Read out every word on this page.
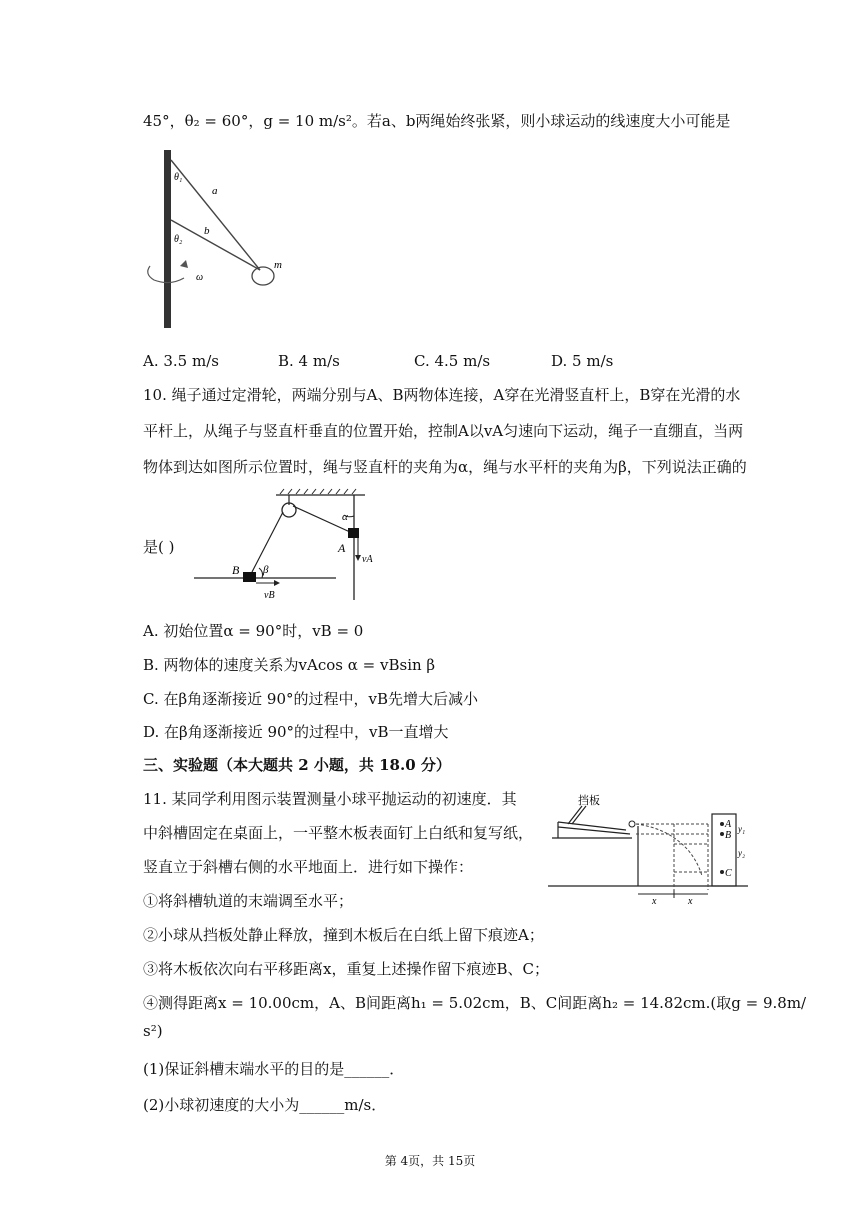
45°，θ₂ = 60°，g = 10 m/s²。若a、b两绳始终张紧，则小球运动的线速度大小可能是
θ₁
a
θ₂
b
m
ω
A. 3.5 m/s	B. 4 m/s	C. 4.5 m/s	D. 5 m/s
10. 绳子通过定滑轮，两端分别与A、B两物体连接，A穿在光滑竖直杆上，B穿在光滑的水
平杆上，从绳子与竖直杆垂直的位置开始，控制A以vA匀速向下运动，绳子一直绷直，当两
物体到达如图所示位置时，绳与竖直杆的夹角为α，绳与水平杆的夹角为β，下列说法正确的
是( )
α
A
vA
B β
vB
A. 初始位置α = 90°时，vB = 0
B. 两物体的速度关系为vAcos α = vBsin β
C. 在β角逐渐接近 90°的过程中，vB先增大后减小
D. 在β角逐渐接近 90°的过程中，vB一直增大
三、实验题（本大题共 2 小题，共 18.0 分）
11. 某同学利用图示装置测量小球平抛运动的初速度．其
中斜槽固定在桌面上，一平整木板表面钉上白纸和复写纸，
竖直立于斜槽右侧的水平地面上．进行如下操作：
①将斜槽轨道的末端调至水平；
②小球从挡板处静止释放，撞到木板后在白纸上留下痕迹A；
③将木板依次向右平移距离x，重复上述操作留下痕迹B、C；
④测得距离x = 10.00cm，A、B间距离h₁ = 5.02cm，B、C间距离h₂ = 14.82cm.(取g = 9.8m/
s²)
(1)保证斜槽末端水平的目的是______．
(2)小球初速度的大小为______m/s．
挡板
A
B
C
y₁
y₂
x	x
第 4页，共 15页
